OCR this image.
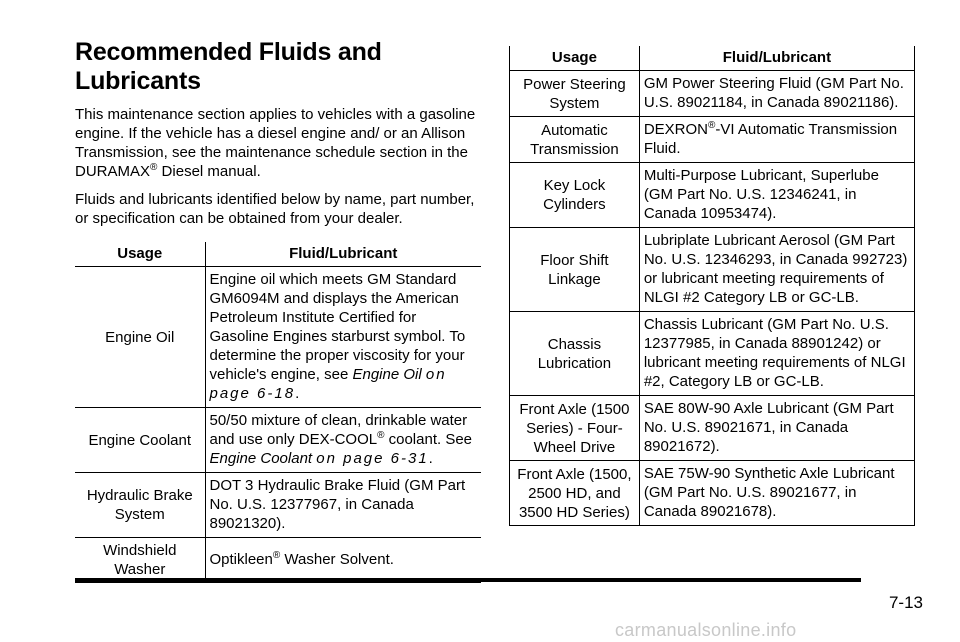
Recommended Fluids and
Lubricants

This maintenance section applies to vehicles with a gasoline engine. If the vehicle has a diesel engine and/ or an Allison Transmission, see the maintenance schedule section in the DURAMAX® Diesel manual.

Fluids and lubricants identified below by name, part number, or specification can be obtained from your dealer.

Usage	Fluid/Lubricant
Engine Oil	Engine oil which meets GM Standard GM6094M and displays the American Petroleum Institute Certified for Gasoline Engines starburst symbol. To determine the proper viscosity for your vehicle's engine, see Engine Oil on page 6-18.
Engine Coolant	50/50 mixture of clean, drinkable water and use only DEX-COOL® coolant. See Engine Coolant on page 6-31.
Hydraulic Brake System	DOT 3 Hydraulic Brake Fluid (GM Part No. U.S. 12377967, in Canada 89021320).
Windshield Washer	Optikleen® Washer Solvent.
Usage	Fluid/Lubricant
Power Steering System	GM Power Steering Fluid (GM Part No. U.S. 89021184, in Canada 89021186).
Automatic Transmission	DEXRON®-VI Automatic Transmission Fluid.
Key Lock Cylinders	Multi-Purpose Lubricant, Superlube (GM Part No. U.S. 12346241, in Canada 10953474).
Floor Shift Linkage	Lubriplate Lubricant Aerosol (GM Part No. U.S. 12346293, in Canada 992723) or lubricant meeting requirements of NLGI #2 Category LB or GC-LB.
Chassis Lubrication	Chassis Lubricant (GM Part No. U.S. 12377985, in Canada 88901242) or lubricant meeting requirements of NLGI #2, Category LB or GC-LB.
Front Axle (1500 Series) - Four-Wheel Drive	SAE 80W-90 Axle Lubricant (GM Part No. U.S. 89021671, in Canada 89021672).
Front Axle (1500, 2500 HD, and 3500 HD Series)	SAE 75W-90 Synthetic Axle Lubricant (GM Part No. U.S. 89021677, in Canada 89021678).
7-13
carmanualsonline.info
